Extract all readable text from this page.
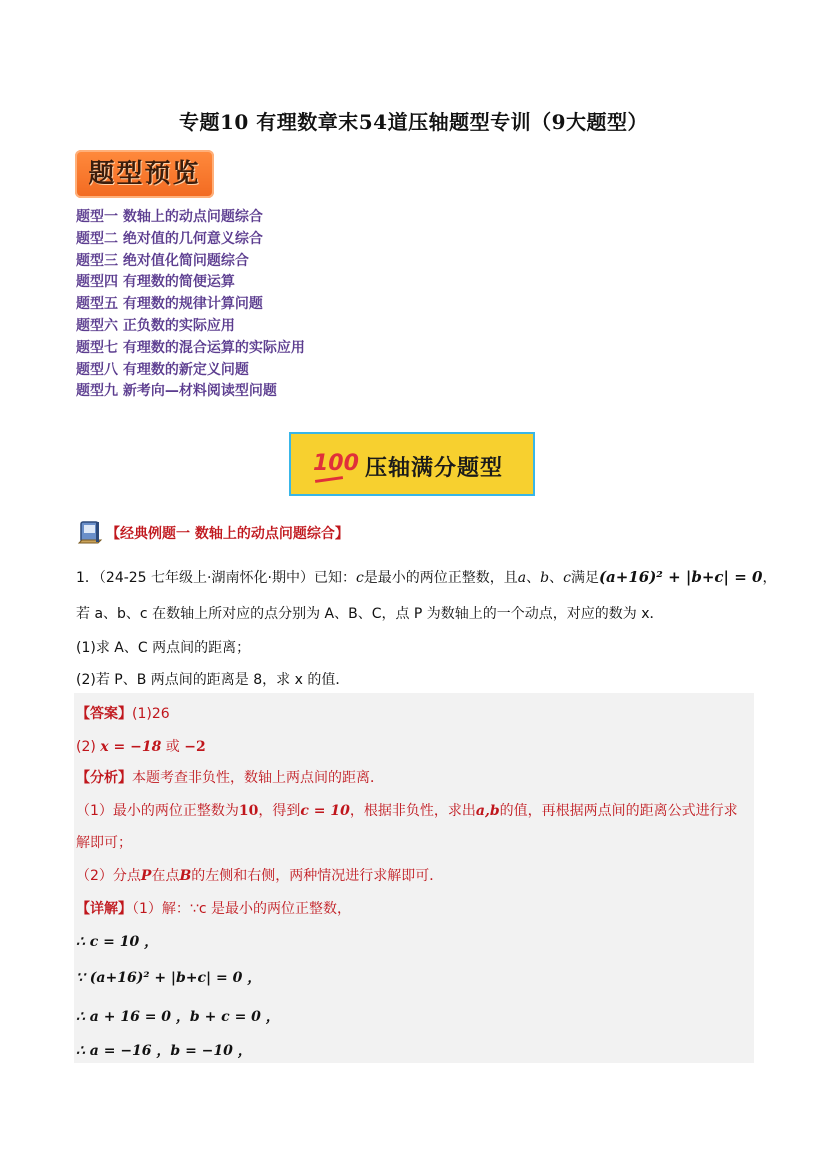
专题10 有理数章末54道压轴题型专训（9大题型）
题型预览
题型一 数轴上的动点问题综合
题型二 绝对值的几何意义综合
题型三 绝对值化简问题综合
题型四 有理数的简便运算
题型五 有理数的规律计算问题
题型六 正负数的实际应用
题型七 有理数的混合运算的实际应用
题型八 有理数的新定义问题
题型九 新考向—材料阅读型问题
100 压轴满分题型
【经典例题一 数轴上的动点问题综合】
1．（24-25 七年级上·湖南怀化·期中）已知：c是最小的两位正整数，且a、b、c满足(a+16)² + |b+c| = 0，
若 a、b、c 在数轴上所对应的点分别为 A、B、C，点 P 为数轴上的一个动点，对应的数为 x．
(1)求 A、C 两点间的距离；
(2)若 P、B 两点间的距离是 8，求 x 的值．
【答案】(1)26
(2) x = −18 或 −2
【分析】本题考查非负性，数轴上两点间的距离．
（1）最小的两位正整数为10，得到c = 10，根据非负性，求出a,b的值，再根据两点间的距离公式进行求
解即可；
（2）分点P在点B的左侧和右侧，两种情况进行求解即可．
【详解】（1）解：∵c 是最小的两位正整数，
∴ c = 10 ，
∵ (a+16)² + |b+c| = 0 ，
∴ a + 16 = 0 ，b + c = 0 ，
∴ a = −16 ，b = −10 ，
